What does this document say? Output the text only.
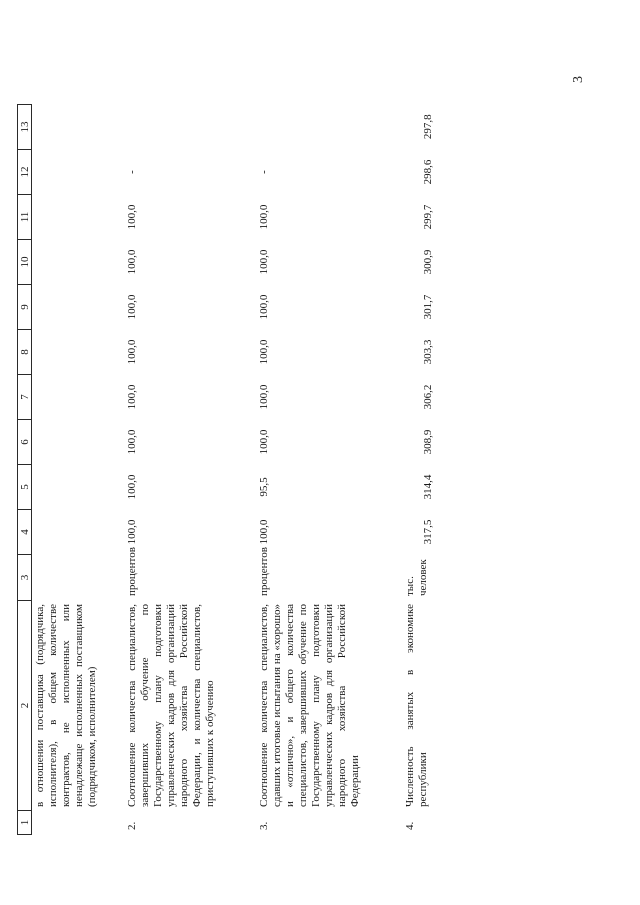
3
1	2	3	4	5	6	7	8	9	10	11	12	13
	в отношении поставщика (подрядчика, исполнителя), в общем количестве контрактов, не исполненных или ненадлежаще исполненных поставщиком (подрядчиком, исполнителем)											
2.	Соотношение количества специалистов, завершивших обучение по Государственному плану подготовки управленческих кадров для организаций народного хозяйства Российской Федерации, и количества специалистов, приступивших к обучению	процентов	100,0	100,0	100,0	100,0	100,0	100,0	100,0	100,0	-	
3.	Соотношение количества специалистов, сдавших итоговые испытания на «хорошо» и «отлично», и общего количества специалистов, завершивших обучение по Государственному плану подготовки управленческих кадров для организаций народного хозяйства Российской Федерации	процентов	100,0	95,5	100,0	100,0	100,0	100,0	100,0	100,0	-	
4.	Численность занятых в экономике республики	тыс. человек	317,5	314,4	308,9	306,2	303,3	301,7	300,9	299,7	298,6	297,8
